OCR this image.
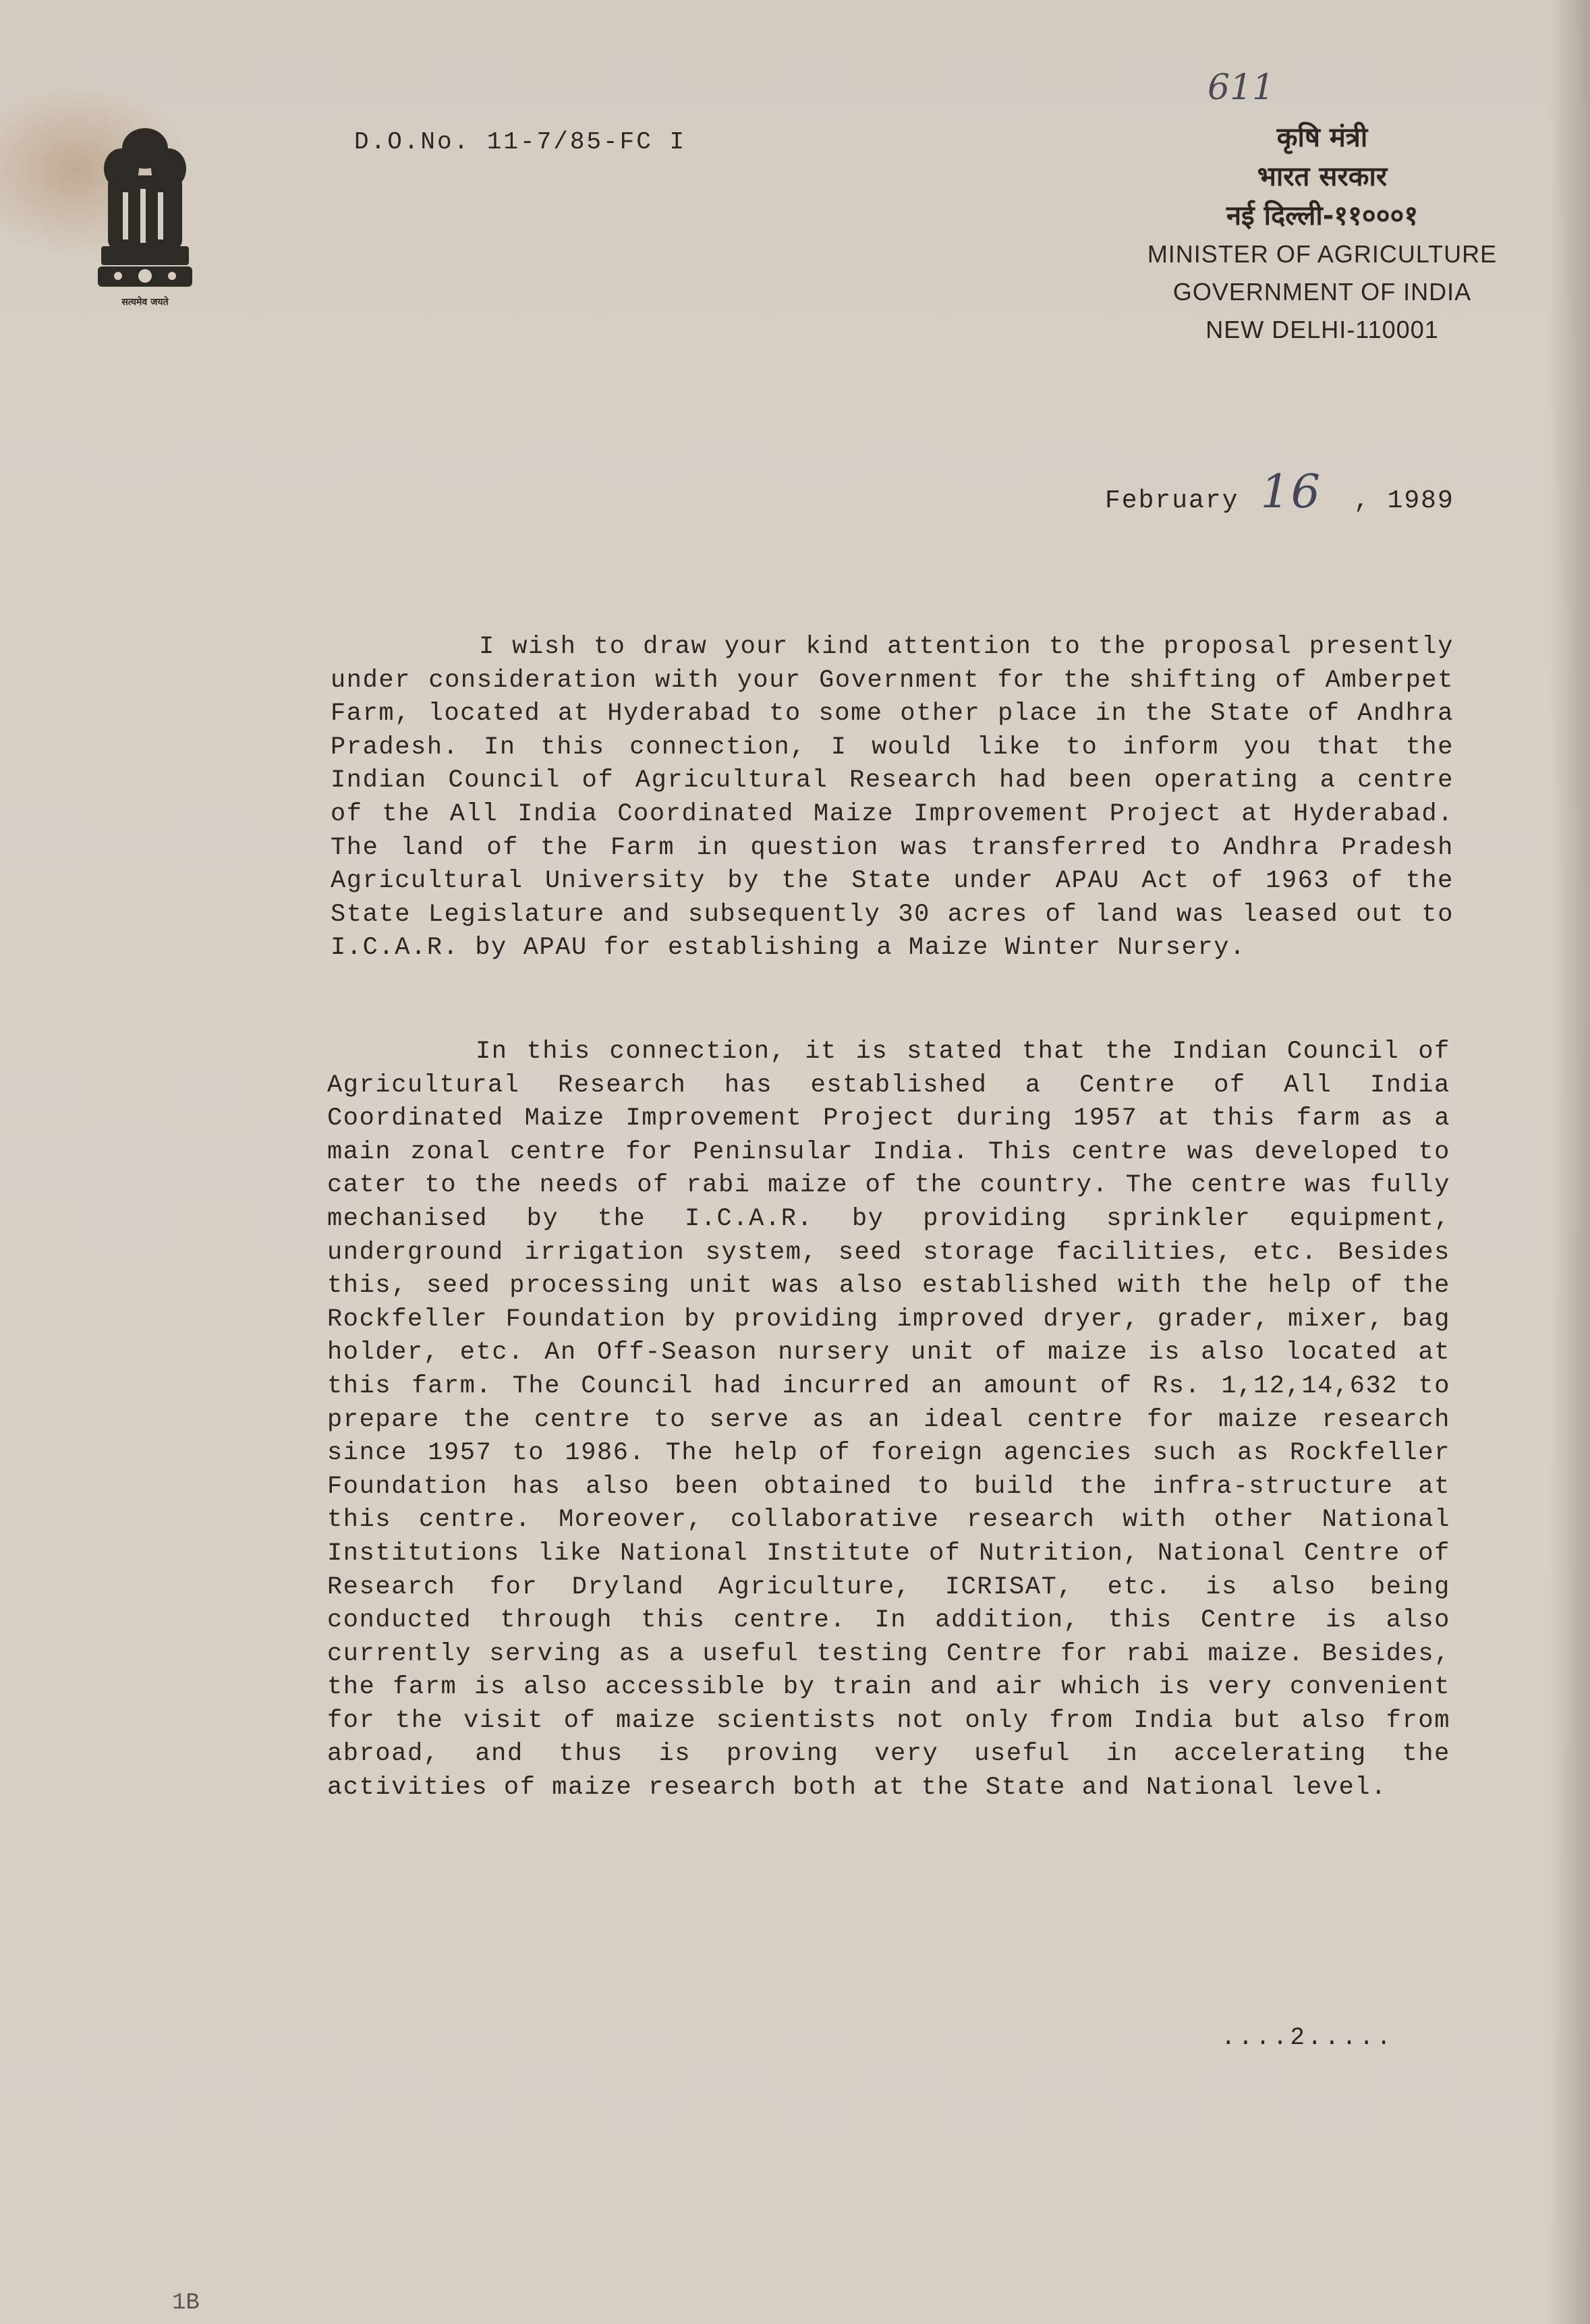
सत्यमेव जयते
D.O.No. 11-7/85-FC I
611
कृषि मंत्री
भारत सरकार
नई दिल्ली-११०००१
MINISTER OF AGRICULTURE
GOVERNMENT OF INDIA
NEW DELHI-110001
February 16 , 1989

I wish to draw your kind attention to the proposal presently under consideration with your Government for the shifting of Amberpet Farm, located at Hyderabad to some other place in the State of Andhra Pradesh. In this connection, I would like to inform you that the Indian Council of Agricultural Research had been operating a centre of the All India Coordinated Maize Improvement Project at Hyderabad. The land of the Farm in question was transferred to Andhra Pradesh Agricultural University by the State under APAU Act of 1963 of the State Legislature and subsequently 30 acres of land was leased out to I.C.A.R. by APAU for establishing a Maize Winter Nursery.

In this connection, it is stated that the Indian Council of Agricultural Research has established a Centre of All India Coordinated Maize Improvement Project during 1957 at this farm as a main zonal centre for Peninsular India. This centre was developed to cater to the needs of rabi maize of the country. The centre was fully mechanised by the I.C.A.R. by providing sprinkler equipment, underground irrigation system, seed storage facilities, etc. Besides this, seed processing unit was also established with the help of the Rockfeller Foundation by providing improved dryer, grader, mixer, bag holder, etc. An Off-Season nursery unit of maize is also located at this farm. The Council had incurred an amount of Rs. 1,12,14,632 to prepare the centre to serve as an ideal centre for maize research since 1957 to 1986. The help of foreign agencies such as Rockfeller Foundation has also been obtained to build the infra-structure at this centre. Moreover, collaborative research with other National Institutions like National Institute of Nutrition, National Centre of Research for Dryland Agriculture, ICRISAT, etc. is also being conducted through this centre. In addition, this Centre is also currently serving as a useful testing Centre for rabi maize. Besides, the farm is also accessible by train and air which is very convenient for the visit of maize scientists not only from India but also from abroad, and thus is proving very useful in accelerating the activities of maize research both at the State and National level.

....2.....
1B
